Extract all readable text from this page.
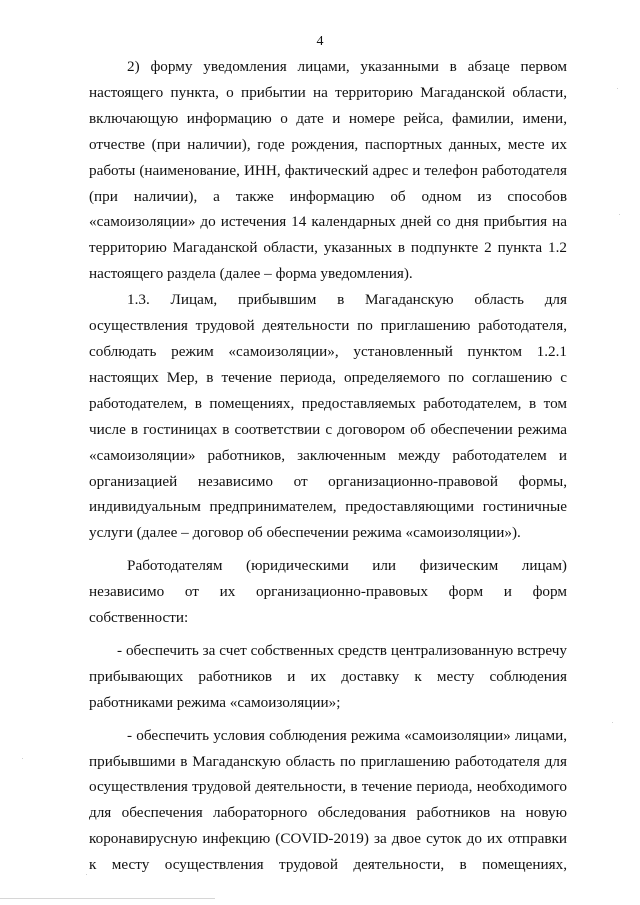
4

2) форму уведомления лицами, указанными в абзаце первом настоящего пункта, о прибытии на территорию Магаданской области, включающую информацию о дате и номере рейса, фамилии, имени, отчестве (при наличии), годе рождения, паспортных данных, месте их работы (наименование, ИНН, фактический адрес и телефон работодателя (при наличии), а также информацию об одном из способов «самоизоляции» до истечения 14 календарных дней со дня прибытия на территорию Магаданской области, указанных в подпункте 2 пункта 1.2 настоящего раздела (далее – форма уведомления).

1.3. Лицам, прибывшим в Магаданскую область для осуществления трудовой деятельности по приглашению работодателя, соблюдать режим «самоизоляции», установленный пунктом 1.2.1 настоящих Мер, в течение периода, определяемого по соглашению с работодателем, в помещениях, предоставляемых работодателем, в том числе в гостиницах в соответствии с договором об обеспечении режима «самоизоляции» работников, заключенным между работодателем и организацией независимо от организационно-правовой формы, индивидуальным предпринимателем, предоставляющими гостиничные услуги (далее – договор об обеспечении режима «самоизоляции»).

Работодателям (юридическими или физическим лицам) независимо от их организационно-правовых форм и форм собственности:

- обеспечить за счет собственных средств централизованную встречу прибывающих работников и их доставку к месту соблюдения работниками режима «самоизоляции»;

- обеспечить условия соблюдения режима «самоизоляции» лицами, прибывшими в Магаданскую область по приглашению работодателя для осуществления трудовой деятельности, в течение периода, необходимого для обеспечения лабораторного обследования работников на новую коронавирусную инфекцию (COVID-2019) за двое суток до их отправки к месту осуществления трудовой деятельности, в помещениях,
